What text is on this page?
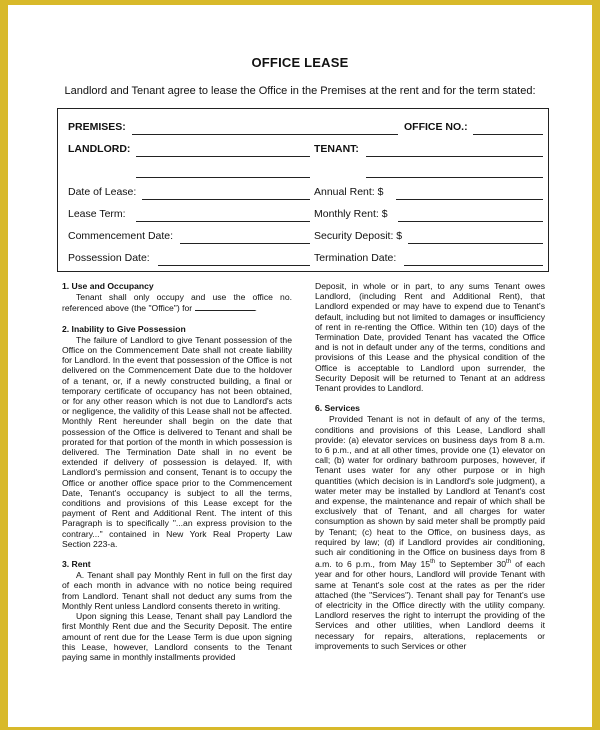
OFFICE LEASE
Landlord and Tenant agree to lease the Office in the Premises at the rent and for the term stated:
PREMISES:	OFFICE NO.:
LANDLORD:	TENANT:
Date of Lease:	Annual Rent: $
Lease Term:	Monthly Rent: $
Commencement Date:	Security Deposit: $
Possession Date:	Termination Date:
1. Use and Occupancy
Tenant shall only occupy and use the office no. referenced above (the "Office") for	.
2. Inability to Give Possession
The failure of Landlord to give Tenant possession of the Office on the Commencement Date shall not create liability for Landlord. In the event that possession of the Office is not delivered on the Commencement Date due to the holdover of a tenant, or, if a newly constructed building, a final or temporary certificate of occupancy has not been obtained, or for any other reason which is not due to Landlord's acts or negligence, the validity of this Lease shall not be affected. Monthly Rent hereunder shall begin on the date that possession of the Office is delivered to Tenant and shall be prorated for that portion of the month in which possession is delivered. The Termination Date shall in no event be extended if delivery of possession is delayed. If, with Landlord's permission and consent, Tenant is to occupy the Office or another office space prior to the Commencement Date, Tenant's occupancy is subject to all the terms, conditions and provisions of this Lease except for the payment of Rent and Additional Rent. The intent of this Paragraph is to specifically "...an express provision to the contrary..." contained in New York Real Property Law Section 223-a.
3. Rent
A. Tenant shall pay Monthly Rent in full on the first day of each month in advance with no notice being required from Landlord. Tenant shall not deduct any sums from the Monthly Rent unless Landlord consents thereto in writing.
Upon signing this Lease, Tenant shall pay Landlord the first Monthly Rent due and the Security Deposit. The entire amount of rent due for the Lease Term is due upon signing this Lease, however, Landlord consents to the Tenant paying same in monthly installments provided
Deposit, in whole or in part, to any sums Tenant owes Landlord, (including Rent and Additional Rent), that Landlord expended or may have to expend due to Tenant's default, including but not limited to damages or insufficiency of rent in re-renting the Office. Within ten (10) days of the Termination Date, provided Tenant has vacated the Office and is not in default under any of the terms, conditions and provisions of this Lease and the physical condition of the Office is acceptable to Landlord upon surrender, the Security Deposit will be returned to Tenant at an address Tenant provides to Landlord.
6. Services
Provided Tenant is not in default of any of the terms, conditions and provisions of this Lease, Landlord shall provide: (a) elevator services on business days from 8 a.m. to 6 p.m., and at all other times, provide one (1) elevator on call; (b) water for ordinary bathroom purposes, however, if Tenant uses water for any other purpose or in high quantities (which decision is in Landlord's sole judgment), a water meter may be installed by Landlord at Tenant's cost and expense, the maintenance and repair of which shall be exclusively that of Tenant, and all charges for water consumption as shown by said meter shall be promptly paid by Tenant; (c) heat to the Office, on business days, as required by law; (d) if Landlord provides air conditioning, such air conditioning in the Office on business days from 8 a.m. to 6 p.m., from May 15th to September 30th of each year and for other hours, Landlord will provide Tenant with same at Tenant's sole cost at the rates as per the rider attached (the "Services"). Tenant shall pay for Tenant's use of electricity in the Office directly with the utility company. Landlord reserves the right to interrupt the providing of the Services and other utilities, when Landlord deems it necessary for repairs, alterations, replacements or improvements to such Services or other
